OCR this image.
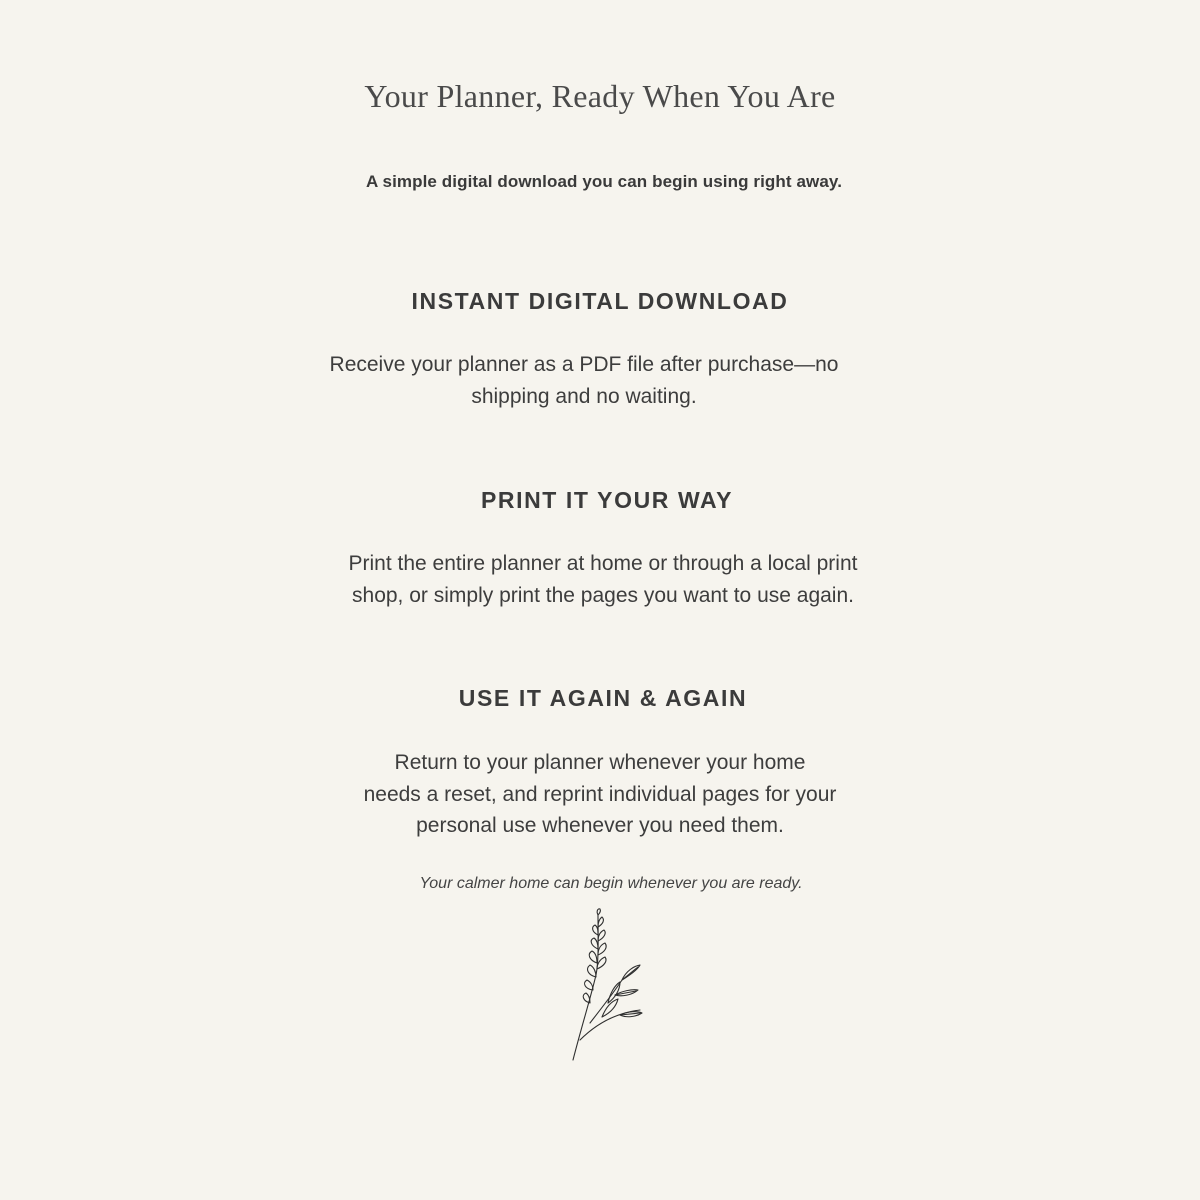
Your Planner, Ready When You Are
A simple digital download you can begin using right away.
INSTANT DIGITAL DOWNLOAD
Receive your planner as a PDF file after purchase—no
shipping and no waiting.
PRINT IT YOUR WAY
Print the entire planner at home or through a local print
shop, or simply print the pages you want to use again.
USE IT AGAIN & AGAIN
Return to your planner whenever your home
needs a reset, and reprint individual pages for your
personal use whenever you need them.
Your calmer home can begin whenever you are ready.
